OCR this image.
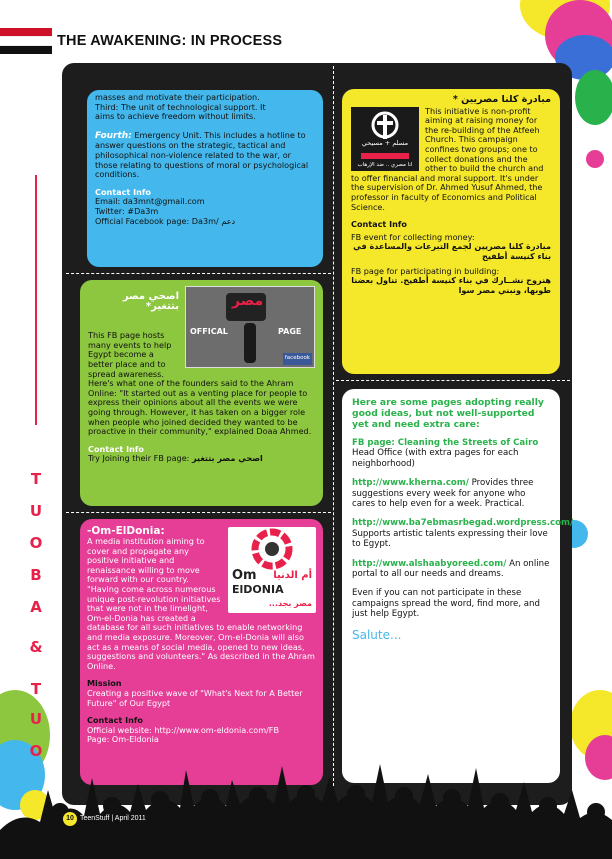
THE AWAKENING: IN PROCESS
T
U
O
B
A
&
T
U
O

masses and motivate their participation.

Third: The unit of technological support. It

aims to achieve freedom without limits.

Fourth: Emergency Unit. This includes a hotline to answer questions on the strategic, tactical and philosophical non-violence related to the war, or those relating to questions of moral or psychological conditions.

Contact Info

Email: da3mnt@gmail.com

Twitter: #Da3m

Official Facebook page: Da3m/ دعم

مبادرة كلنا مصريين *

مسلم + مسيحي
انا مصري .. ضد الإرهاب

This initiative is non-profit aiming at raising money for the re-building of the Atfeeh Church. This campaign confines two groups; one to collect donations and the other to build the church and to offer financial and moral support. It's under the supervision of Dr. Ahmed Yusuf Ahmed, the professor in faculty of Economics and Political Science.

Contact Info

FB event for collecting money:

مبادرة كلنا مصريين لجمع التبرعات والمساعدة في بناء كنيسة أطفيح

FB page for participating in building:

هنروح نشــارك في بناء كنيسة أطفيح. تناول بعضنا طوبها، ونبني مصر سوا

مصر
OFFICAL	PAGE
facebook

اصحي مصر بتتغير*

This FB page hosts many events to help Egypt become a better place and to spread awareness.

Here's what one of the founders said to the Ahram Online: "It started out as a venting place for people to express their opinions about all the events we were going through. However, it has taken on a bigger role when people who joined decided they wanted to be proactive in their community," explained Doaa Ahmed.

Contact Info

Try Joining their FB page: اصحي مصر بتتغير

Om أم الدنيا
ElDONIA
مصر بجد...

-Om-ElDonia:

A media institution aiming to cover and propagate any positive initiative and renaissance willing to move forward with our country. "Having come across numerous unique post-revolution initiatives that were not in the limelight, Om-el-Donia has created a database for all such initiatives to enable networking and media exposure. Moreover, Om-el-Donia will also act as a means of social media, opened to new ideas, suggestions and volunteers." As described in the Ahram Online.

Mission

Creating a positive wave of "What's Next for A Better Future" of Our Egypt

Contact Info

Official website: http://www.om-eldonia.com/FB

Page: Om-Eldonia

Here are some pages adopting really good ideas, but not well-supported yet and need extra care:

FB page: Cleaning the Streets of Cairo

Head Office (with extra pages for each neighborhood)

http://www.kherna.com/ Provides three suggestions every week for anyone who cares to help even for a week. Practical.

http://www.ba7ebmasrbegad.wordpress.com/ Supports artistic talents expressing their love to Egypt.

http://www.alshaabyoreed.com/ An online portal to all our needs and dreams.

Even if you can not participate in these campaigns spread the word, find more, and just help Egypt.

Salute...

10 TeenStuff | April 2011
